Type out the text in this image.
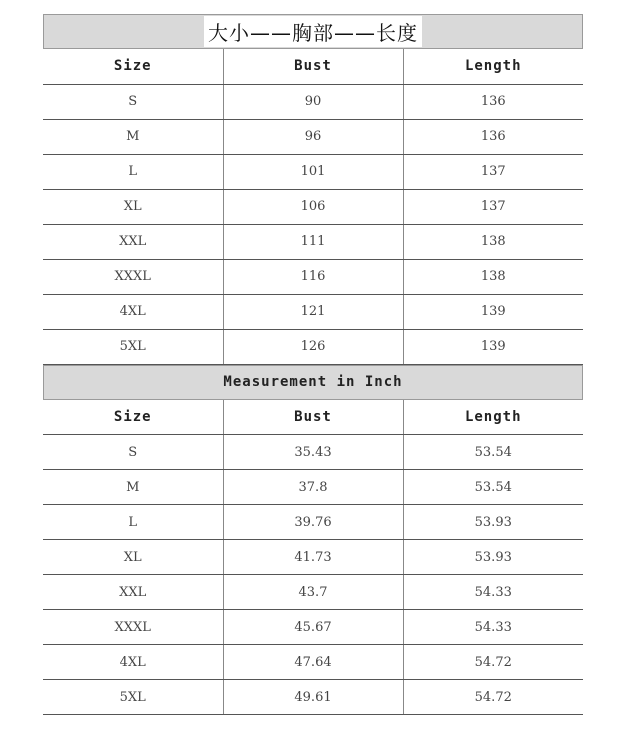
大小——胸部——长度
Size	Bust	Length
S	90	136
M	96	136
L	101	137
XL	106	137
XXL	111	138
XXXL	116	138
4XL	121	139
5XL	126	139
Measurement in Inch
Size	Bust	Length
S	35.43	53.54
M	37.8	53.54
L	39.76	53.93
XL	41.73	53.93
XXL	43.7	54.33
XXXL	45.67	54.33
4XL	47.64	54.72
5XL	49.61	54.72
